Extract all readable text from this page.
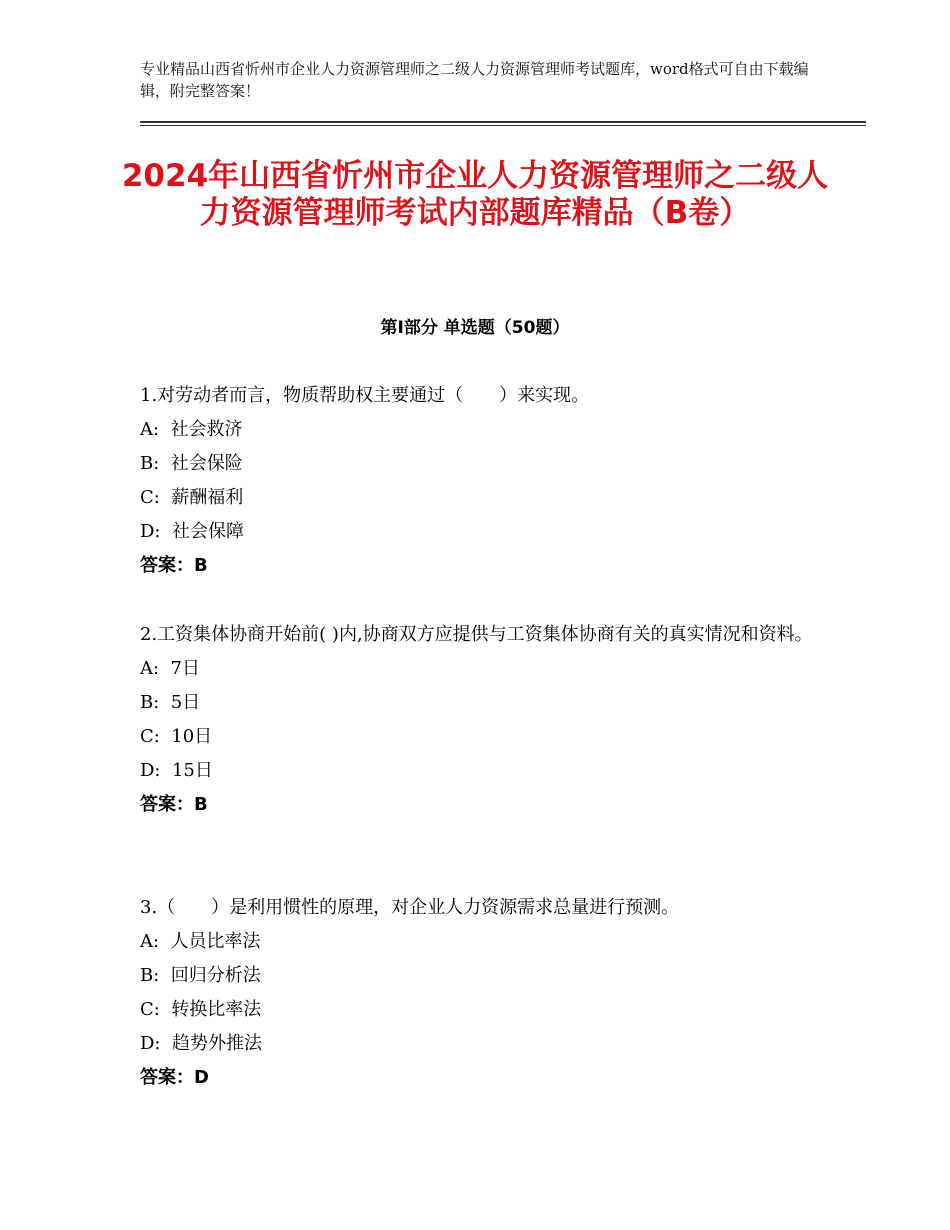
专业精品山西省忻州市企业人力资源管理师之二级人力资源管理师考试题库，word格式可自由下载编辑，附完整答案！
2024年山西省忻州市企业人力资源管理师之二级人力资源管理师考试内部题库精品（B卷）
第Ⅰ部分 单选题（50题）

1.对劳动者而言，物质帮助权主要通过（　　）来实现。

A:  社会救济

B:  社会保险

C:  薪酬福利

D:  社会保障

答案：B

2.工资集体协商开始前( )内,协商双方应提供与工资集体协商有关的真实情况和资料。

A:  7日

B:  5日

C:  10日

D:  15日

答案：B

3.（　　）是利用惯性的原理，对企业人力资源需求总量进行预测。

A:  人员比率法

B:  回归分析法

C:  转换比率法

D:  趋势外推法

答案：D
